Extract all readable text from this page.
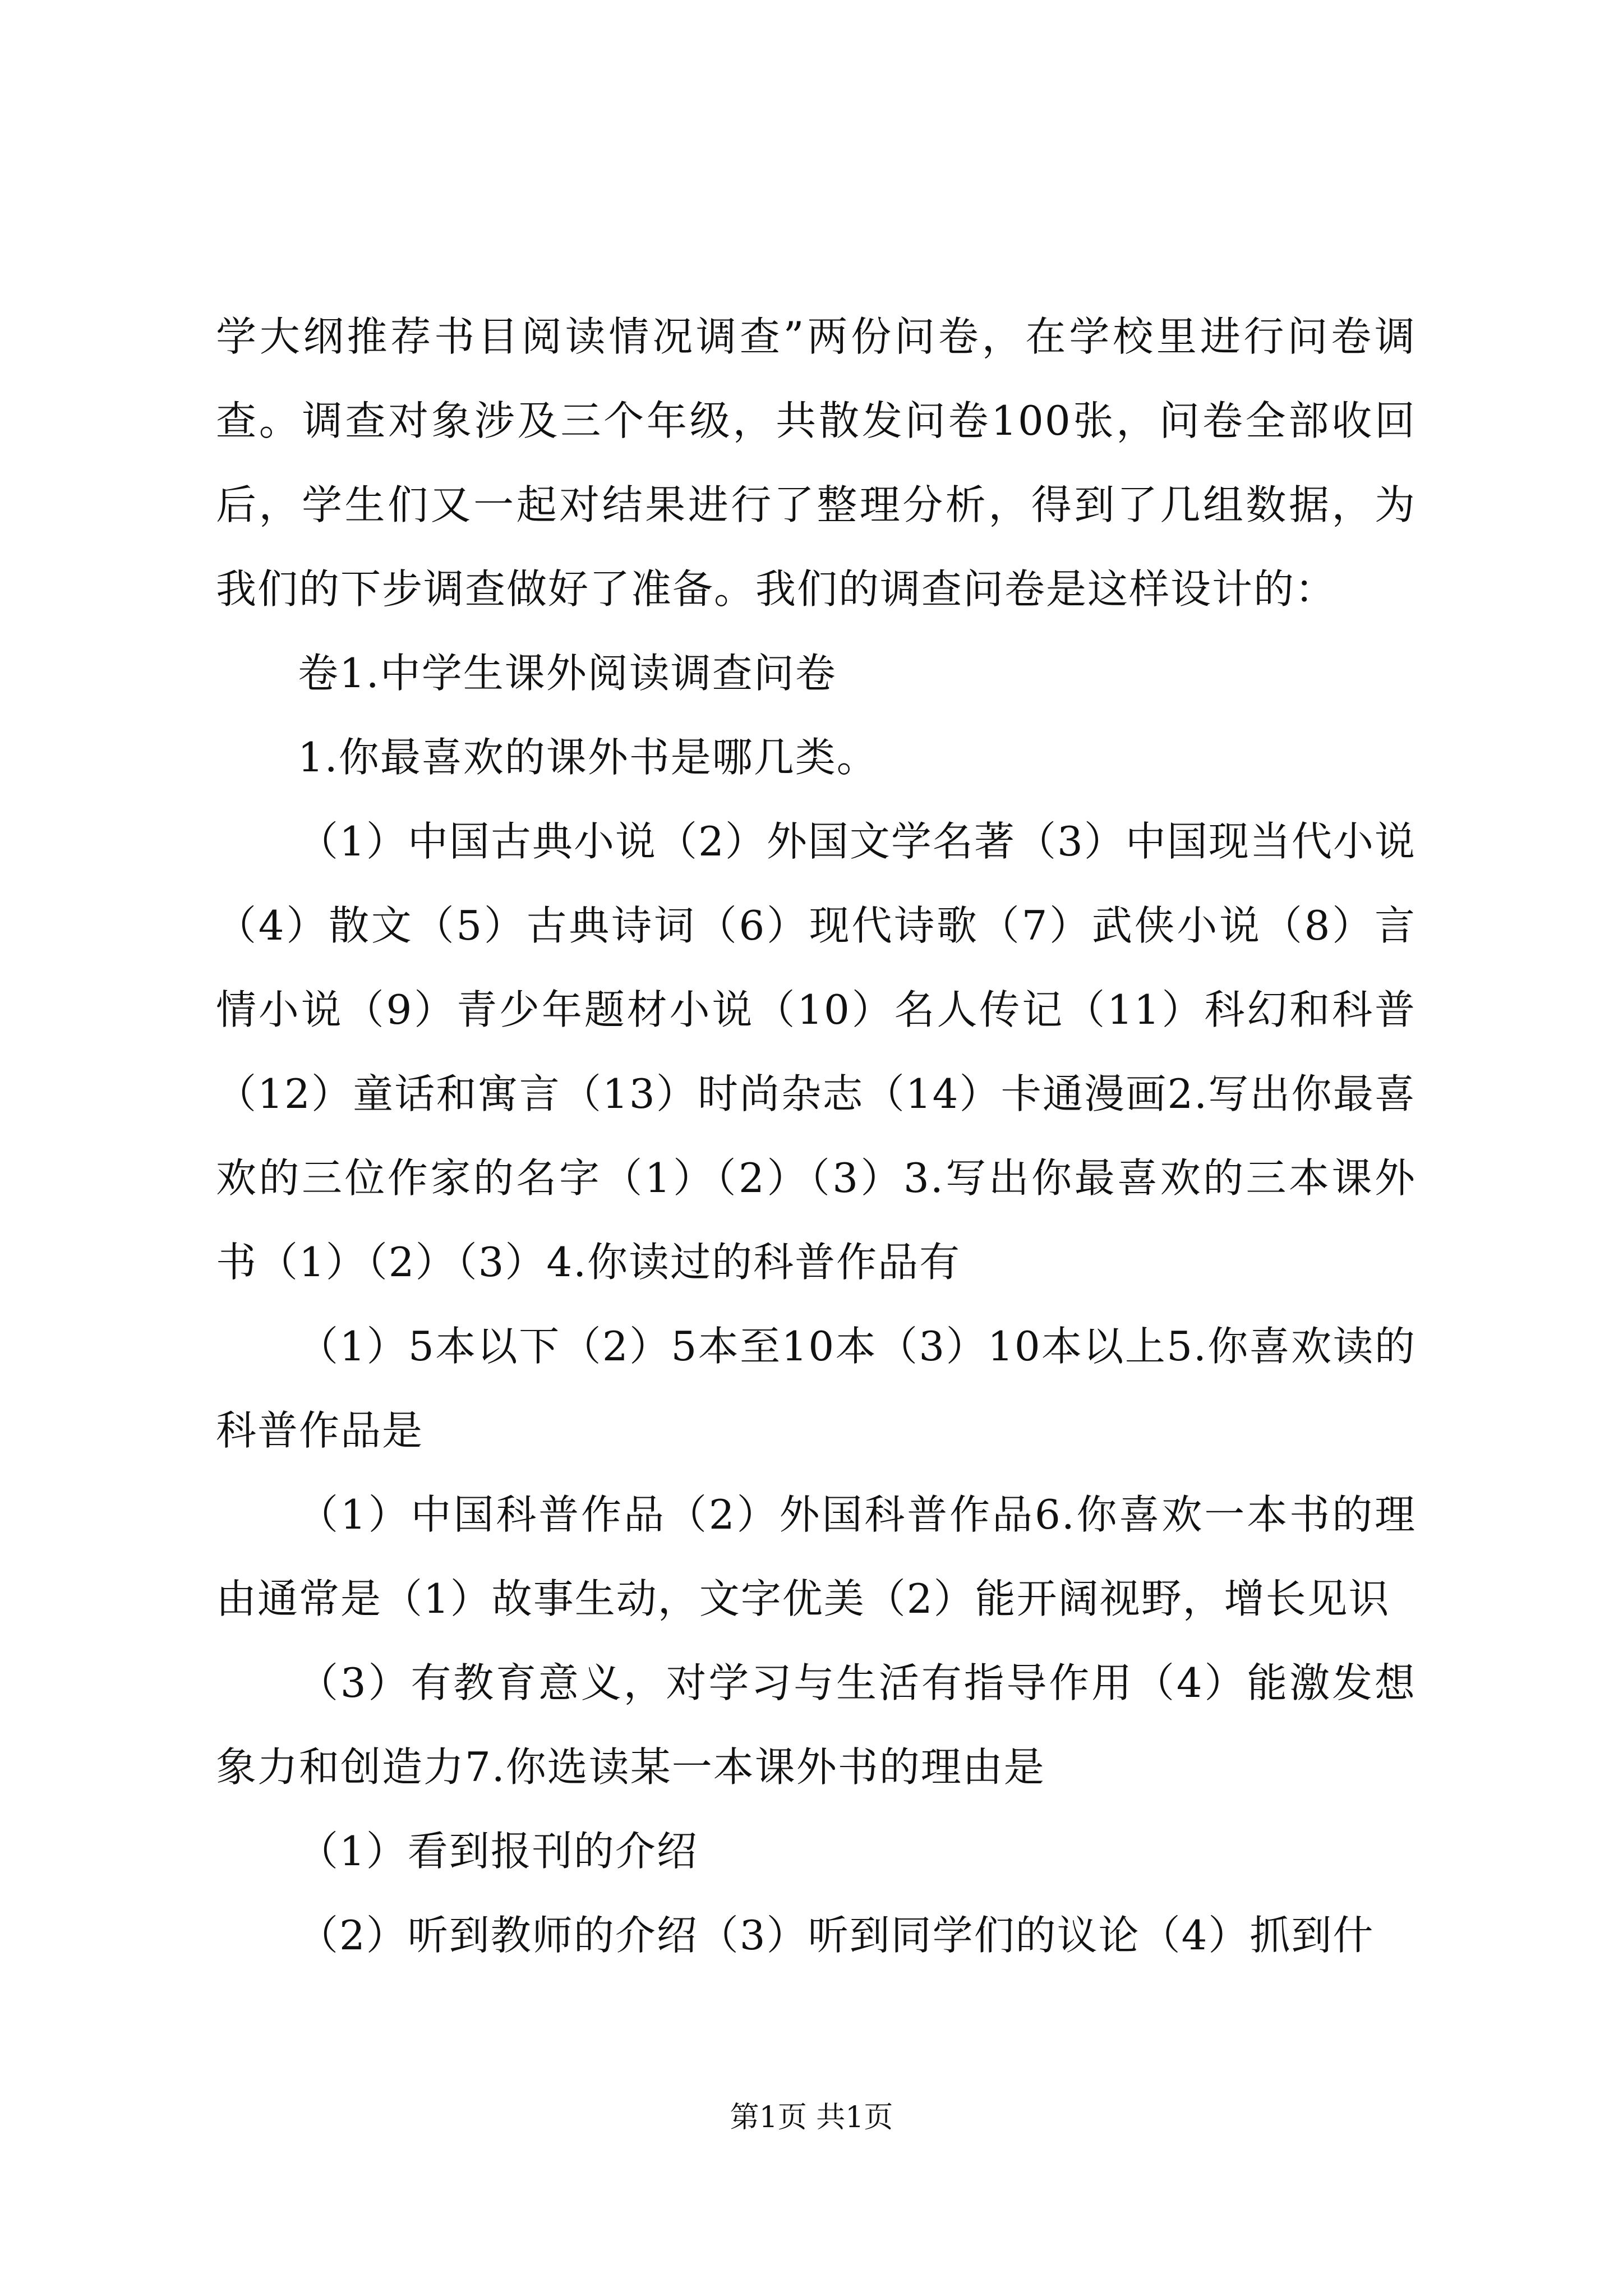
学大纲推荐书目阅读情况调查”两份问卷，在学校里进行问卷调查。调查对象涉及三个年级，共散发问卷100张，问卷全部收回后，学生们又一起对结果进行了整理分析，得到了几组数据，为我们的下步调查做好了准备。我们的调查问卷是这样设计的：

卷1.中学生课外阅读调查问卷

1.你最喜欢的课外书是哪几类。

（1）中国古典小说（2）外国文学名著（3）中国现当代小说（4）散文（5）古典诗词（6）现代诗歌（7）武侠小说（8）言情小说（9）青少年题材小说（10）名人传记（11）科幻和科普（12）童话和寓言（13）时尚杂志（14）卡通漫画2.写出你最喜欢的三位作家的名字（1）（2）（3）3.写出你最喜欢的三本课外书（1）（2）（3）4.你读过的科普作品有

（1）5本以下（2）5本至10本（3）10本以上5.你喜欢读的科普作品是

（1）中国科普作品（2）外国科普作品6.你喜欢一本书的理由通常是（1）故事生动，文字优美（2）能开阔视野，增长见识

（3）有教育意义，对学习与生活有指导作用（4）能激发想象力和创造力7.你选读某一本课外书的理由是

（1）看到报刊的介绍

（2）听到教师的介绍（3）听到同学们的议论（4）抓到什

第1页 共1页
